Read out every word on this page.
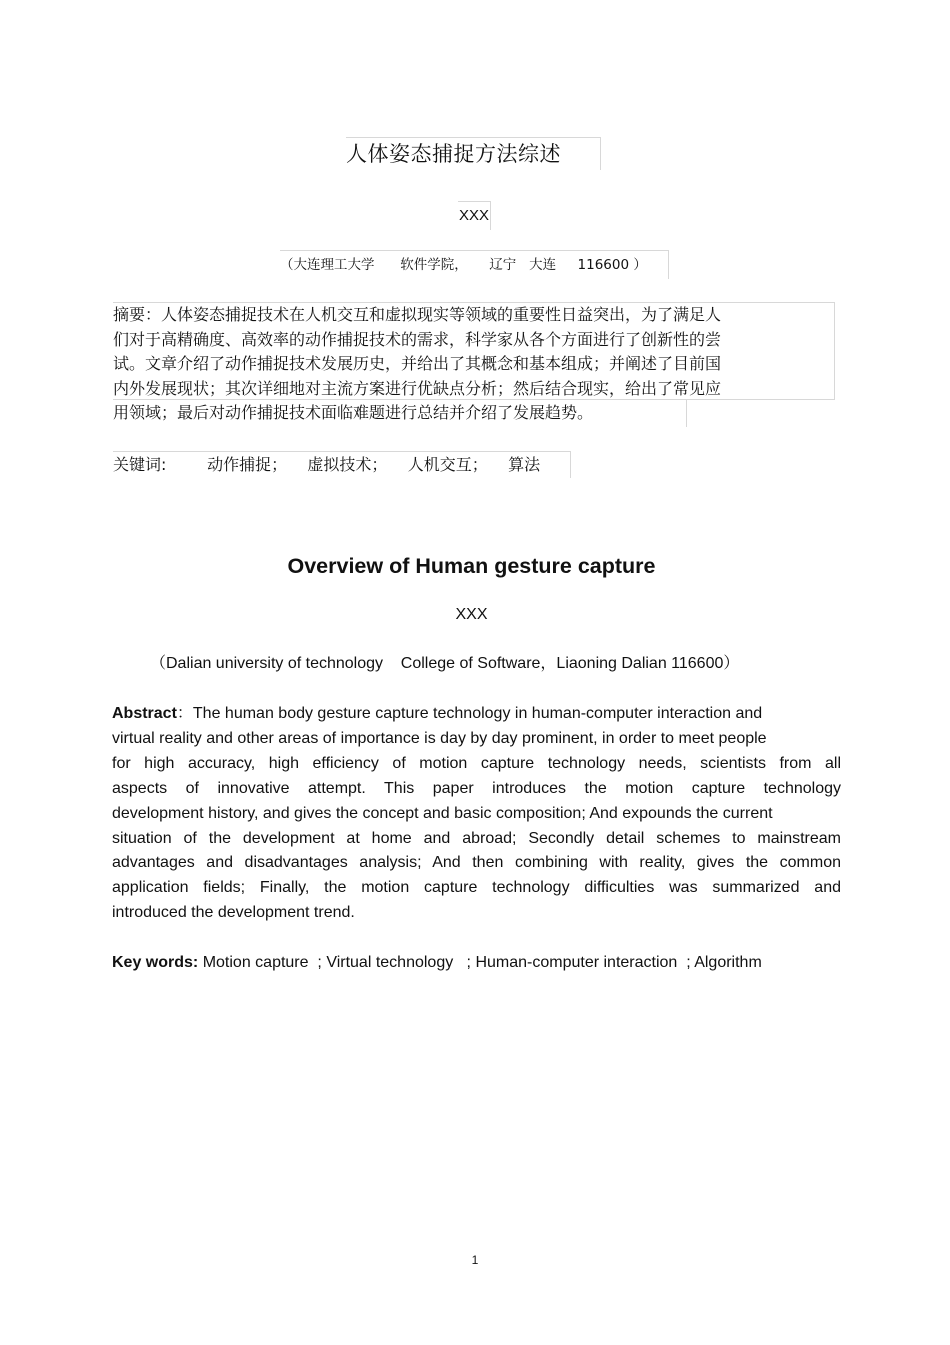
人体姿态捕捉方法综述
XXX
（大连理工大学      软件学院，     辽宁   大连     116600 ）
摘要：人体姿态捕捉技术在人机交互和虚拟现实等领域的重要性日益突出，为了满足人
们对于高精确度、高效率的动作捕捉技术的需求，科学家从各个方面进行了创新性的尝
试。文章介绍了动作捕捉技术发展历史，并给出了其概念和基本组成；并阐述了目前国
内外发展现状；其次详细地对主流方案进行优缺点分析；然后结合现实，给出了常见应
用领域；最后对动作捕捉技术面临难题进行总结并介绍了发展趋势。
关键词:        动作捕捉；    虚拟技术；    人机交互；    算法
Overview of Human gesture capture
XXX
（Dalian university of technology    College of Software，Liaoning Dalian 116600）
Abstract：The human body gesture capture technology in human-computer interaction and
virtual reality and other areas of importance is day by day prominent, in order to meet people
for high accuracy, high efficiency of motion capture technology needs, scientists from all
aspects of innovative attempt. This paper introduces the motion capture technology
development history, and gives the concept and basic composition; And expounds the current
situation of the development at home and abroad; Secondly detail schemes to mainstream
advantages and disadvantages analysis; And then combining with reality, gives the common
application fields; Finally, the motion capture technology difficulties was summarized and
introduced the development trend.
Key words: Motion capture  ; Virtual technology   ; Human-computer interaction  ; Algorithm
1
